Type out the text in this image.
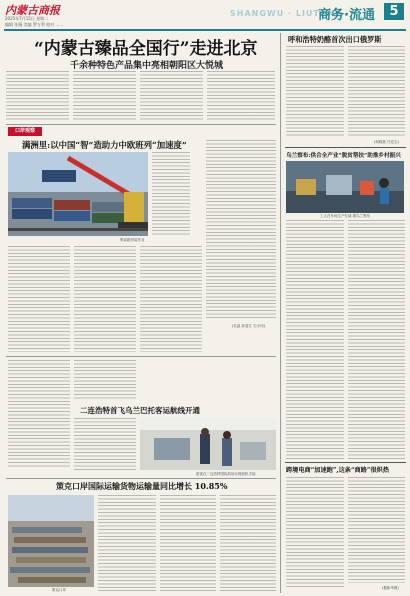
内蒙古商报
2025年7月15日 星期二
编辑 张薇 美编 罗万利 校对 ……
SHANGWU · LIUTONG
商务·流通	5
“内蒙古臻品全国行”走进北京
千余种特色产品集中亮相朝阳区大悦城
呼和浩特奶酪首次出口俄罗斯
(何晓燕 任佳宝)
口岸观察
满洲里:以中国“智”造助力中欧班列“加速度”
集装箱吊装作业
(孔晶 孙富江 石小伟)
二连浩特首飞乌兰巴托客运航线开通
旅客在二连浩特国际机场办理登机手续
策克口岸国际运输货物运输量同比增长 10.85%
策克口岸
乌兰察布:供合全产业“脱贫帮扶”助推乡村振兴
工人在车间生产忙碌 据乌兰察布
跨境电商“加速跑”,这条“商路”很炽热
(据新华网)
